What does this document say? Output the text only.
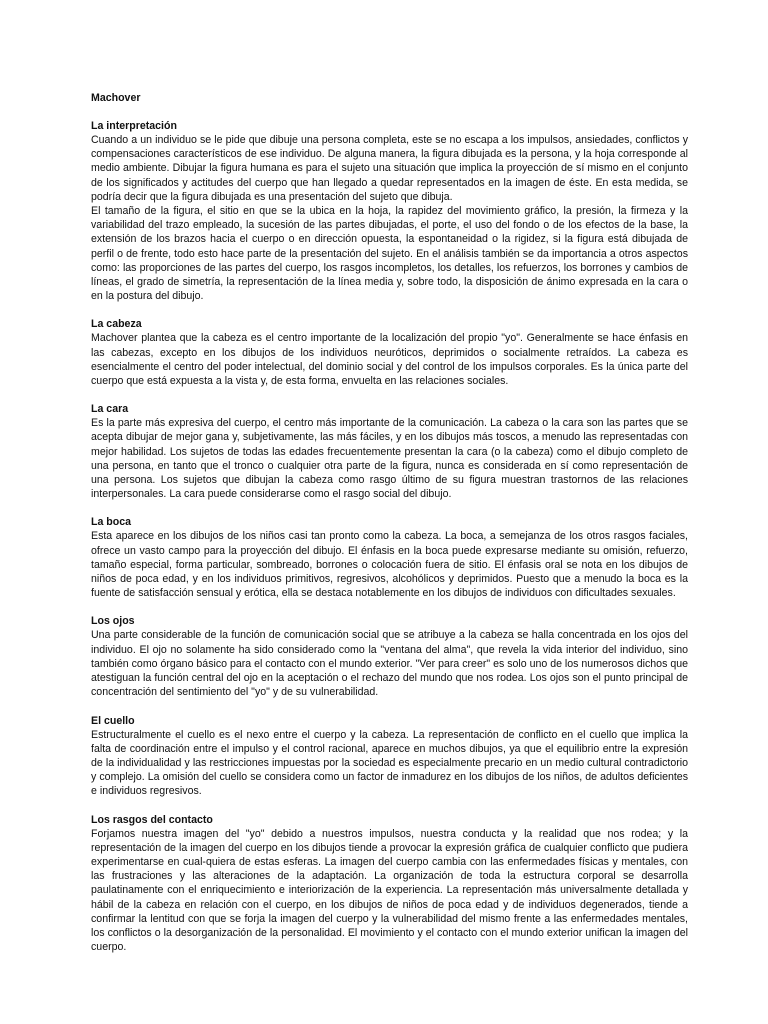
Machover
La interpretación

Cuando a un individuo se le pide que dibuje una persona completa, este se no escapa a los impulsos, ansiedades, conflictos y compensaciones característicos de ese individuo. De alguna manera, la figura dibujada es la persona, y la hoja corresponde al medio ambiente. Dibujar la figura humana es para el sujeto una situación que implica la proyección de sí mismo en el conjunto de los significados y actitudes del cuerpo que han llegado a quedar representados en la imagen de éste. En esta medida, se podría decir que la figura dibujada es una presentación del sujeto que dibuja.

El tamaño de la figura, el sitio en que se la ubica en la hoja, la rapidez del movimiento gráfico, la presión, la firmeza y la variabilidad del trazo empleado, la sucesión de las partes dibujadas, el porte, el uso del fondo o de los efectos de la base, la extensión de los brazos hacia el cuerpo o en dirección opuesta, la espontaneidad o la rigidez, si la figura está dibujada de perfil o de frente, todo esto hace parte de la presentación del sujeto. En el análisis también se da importancia a otros aspectos como: las proporciones de las partes del cuerpo, los rasgos incompletos, los detalles, los refuerzos, los borrones y cambios de líneas, el grado de simetría, la representación de la línea media y, sobre todo, la disposición de ánimo expresada en la cara o en la postura del dibujo.

La cabeza

Machover plantea que la cabeza es el centro importante de la localización del propio "yo". Generalmente se hace énfasis en las cabezas, excepto en los dibujos de los individuos neuróticos, deprimidos o socialmente retraídos. La cabeza es esencialmente el centro del poder intelectual, del dominio social y del control de los impulsos corporales. Es la única parte del cuerpo que está expuesta a la vista y, de esta forma, envuelta en las relaciones sociales.

La cara

Es la parte más expresiva del cuerpo, el centro más importante de la comunicación. La cabeza o la cara son las partes que se acepta dibujar de mejor gana y, subjetivamente, las más fáciles, y en los dibujos más toscos, a menudo las representadas con mejor habilidad. Los sujetos de todas las edades frecuentemente presentan la cara (o la cabeza) como el dibujo completo de una persona, en tanto que el tronco o cualquier otra parte de la figura, nunca es considerada en sí como representación de una persona. Los sujetos que dibujan la cabeza como rasgo último de su figura muestran trastornos de las relaciones interpersonales. La cara puede considerarse como el rasgo social del dibujo.

La boca

Esta aparece en los dibujos de los niños casi tan pronto como la cabeza. La boca, a semejanza de los otros rasgos faciales, ofrece un vasto campo para la proyección del dibujo. El énfasis en la boca puede expresarse mediante su omisión, refuerzo, tamaño especial, forma particular, sombreado, borrones o colocación fuera de sitio. El énfasis oral se nota en los dibujos de niños de poca edad, y en los individuos primitivos, regresivos, alcohólicos y deprimidos. Puesto que a menudo la boca es la fuente de satisfacción sensual y erótica, ella se destaca notablemente en los dibujos de individuos con dificultades sexuales.

Los ojos

Una parte considerable de la función de comunicación social que se atribuye a la cabeza se halla concentrada en los ojos del individuo. El ojo no solamente ha sido considerado como la "ventana del alma", que revela la vida interior del individuo, sino también como órgano básico para el contacto con el mundo exterior. "Ver para creer" es solo uno de los numerosos dichos que atestiguan la función central del ojo en la aceptación o el rechazo del mundo que nos rodea. Los ojos son el punto principal de concentración del sentimiento del "yo" y de su vulnerabilidad.

El cuello

Estructuralmente el cuello es el nexo entre el cuerpo y la cabeza. La representación de conflicto en el cuello que implica la falta de coordinación entre el impulso y el control racional, aparece en muchos dibujos, ya que el equilibrio entre la expresión de la individualidad y las restricciones impuestas por la sociedad es especialmente precario en un medio cultural contradictorio y complejo. La omisión del cuello se considera como un factor de inmadurez en los dibujos de los niños, de adultos deficientes e individuos regresivos.

Los rasgos del contacto

Forjamos nuestra imagen del "yo" debido a nuestros impulsos, nuestra conducta y la realidad que nos rodea; y la representación de la imagen del cuerpo en los dibujos tiende a provocar la expresión gráfica de cualquier conflicto que pudiera experimentarse en cual-quiera de estas esferas. La imagen del cuerpo cambia con las enfermedades físicas y mentales, con las frustraciones y las alteraciones de la adaptación. La organización de toda la estructura corporal se desarrolla paulatinamente con el enriquecimiento e interiorización de la experiencia. La representación más universalmente detallada y hábil de la cabeza en relación con el cuerpo, en los dibujos de niños de poca edad y de individuos degenerados, tiende a confirmar la lentitud con que se forja la imagen del cuerpo y la vulnerabilidad del mismo frente a las enfermedades mentales, los conflictos o la desorganización de la personalidad. El movimiento y el contacto con el mundo exterior unifican la imagen del cuerpo.
